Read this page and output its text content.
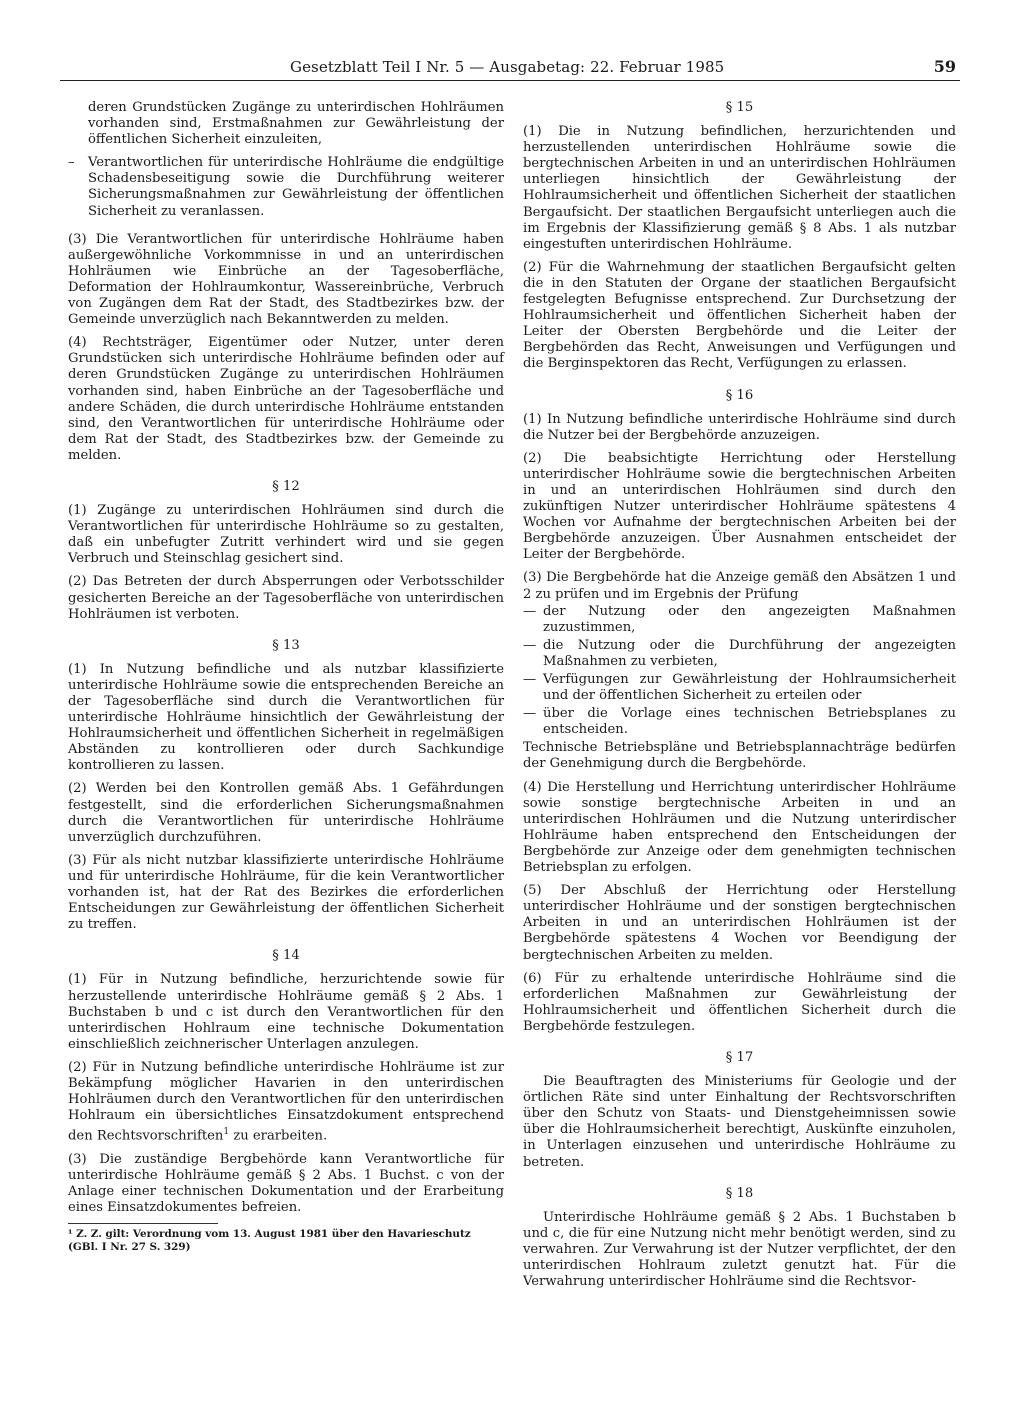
Gesetzblatt Teil I Nr. 5 — Ausgabetag: 22. Februar 1985	59
deren Grundstücken Zugänge zu unterirdischen Hohlräumen vorhanden sind, Erstmaßnahmen zur Gewährleistung der öffentlichen Sicherheit einzuleiten,
–	Verantwortlichen für unterirdische Hohlräume die endgültige Schadensbeseitigung sowie die Durchführung weiterer Sicherungsmaßnahmen zur Gewährleistung der öffentlichen Sicherheit zu veranlassen.
(3) Die Verantwortlichen für unterirdische Hohlräume haben außergewöhnliche Vorkommnisse in und an unterirdischen Hohlräumen wie Einbrüche an der Tagesoberfläche, Deformation der Hohlraumkontur, Wassereinbrüche, Verbruch von Zugängen dem Rat der Stadt, des Stadtbezirkes bzw. der Gemeinde unverzüglich nach Bekanntwerden zu melden.
(4) Rechtsträger, Eigentümer oder Nutzer, unter deren Grundstücken sich unterirdische Hohlräume befinden oder auf deren Grundstücken Zugänge zu unterirdischen Hohlräumen vorhanden sind, haben Einbrüche an der Tagesoberfläche und andere Schäden, die durch unterirdische Hohlräume entstanden sind, den Verantwortlichen für unterirdische Hohlräume oder dem Rat der Stadt, des Stadtbezirkes bzw. der Gemeinde zu melden.
§ 12
(1) Zugänge zu unterirdischen Hohlräumen sind durch die Verantwortlichen für unterirdische Hohlräume so zu gestalten, daß ein unbefugter Zutritt verhindert wird und sie gegen Verbruch und Steinschlag gesichert sind.
(2) Das Betreten der durch Absperrungen oder Verbotsschilder gesicherten Bereiche an der Tagesoberfläche von unterirdischen Hohlräumen ist verboten.
§ 13
(1) In Nutzung befindliche und als nutzbar klassifizierte unterirdische Hohlräume sowie die entsprechenden Bereiche an der Tagesoberfläche sind durch die Verantwortlichen für unterirdische Hohlräume hinsichtlich der Gewährleistung der Hohlraumsicherheit und öffentlichen Sicherheit in regelmäßigen Abständen zu kontrollieren oder durch Sachkundige kontrollieren zu lassen.
(2) Werden bei den Kontrollen gemäß Abs. 1 Gefährdungen festgestellt, sind die erforderlichen Sicherungsmaßnahmen durch die Verantwortlichen für unterirdische Hohlräume unverzüglich durchzuführen.
(3) Für als nicht nutzbar klassifizierte unterirdische Hohlräume und für unterirdische Hohlräume, für die kein Verantwortlicher vorhanden ist, hat der Rat des Bezirkes die erforderlichen Entscheidungen zur Gewährleistung der öffentlichen Sicherheit zu treffen.
§ 14
(1) Für in Nutzung befindliche, herzurichtende sowie für herzustellende unterirdische Hohlräume gemäß § 2 Abs. 1 Buchstaben b und c ist durch den Verantwortlichen für den unterirdischen Hohlraum eine technische Dokumentation einschließlich zeichnerischer Unterlagen anzulegen.
(2) Für in Nutzung befindliche unterirdische Hohlräume ist zur Bekämpfung möglicher Havarien in den unterirdischen Hohlräumen durch den Verantwortlichen für den unterirdischen Hohlraum ein übersichtliches Einsatzdokument entsprechend den Rechtsvorschriften$^1$ zu erarbeiten.
(3) Die zuständige Bergbehörde kann Verantwortliche für unterirdische Hohlräume gemäß § 2 Abs. 1 Buchst. c von der Anlage einer technischen Dokumentation und der Erarbeitung eines Einsatzdokumentes befreien.
¹ Z. Z. gilt: Verordnung vom 13. August 1981 über den Havarieschutz (GBl. I Nr. 27 S. 329)
§ 15
(1) Die in Nutzung befindlichen, herzurichtenden und herzustellenden unterirdischen Hohlräume sowie die bergtechnischen Arbeiten in und an unterirdischen Hohlräumen unterliegen hinsichtlich der Gewährleistung der Hohlraumsicherheit und öffentlichen Sicherheit der staatlichen Bergaufsicht. Der staatlichen Bergaufsicht unterliegen auch die im Ergebnis der Klassifizierung gemäß § 8 Abs. 1 als nutzbar eingestuften unterirdischen Hohlräume.
(2) Für die Wahrnehmung der staatlichen Bergaufsicht gelten die in den Statuten der Organe der staatlichen Bergaufsicht festgelegten Befugnisse entsprechend. Zur Durchsetzung der Hohlraumsicherheit und öffentlichen Sicherheit haben der Leiter der Obersten Bergbehörde und die Leiter der Bergbehörden das Recht, Anweisungen und Verfügungen und die Berginspektoren das Recht, Verfügungen zu erlassen.
§ 16
(1) In Nutzung befindliche unterirdische Hohlräume sind durch die Nutzer bei der Bergbehörde anzuzeigen.
(2) Die beabsichtigte Herrichtung oder Herstellung unterirdischer Hohlräume sowie die bergtechnischen Arbeiten in und an unterirdischen Hohlräumen sind durch den zukünftigen Nutzer unterirdischer Hohlräume spätestens 4 Wochen vor Aufnahme der bergtechnischen Arbeiten bei der Bergbehörde anzuzeigen. Über Ausnahmen entscheidet der Leiter der Bergbehörde.
(3) Die Bergbehörde hat die Anzeige gemäß den Absätzen 1 und 2 zu prüfen und im Ergebnis der Prüfung
— der Nutzung oder den angezeigten Maßnahmen zuzustimmen,
— die Nutzung oder die Durchführung der angezeigten Maßnahmen zu verbieten,
— Verfügungen zur Gewährleistung der Hohlraumsicherheit und der öffentlichen Sicherheit zu erteilen oder
— über die Vorlage eines technischen Betriebsplanes zu entscheiden.
Technische Betriebspläne und Betriebsplannachträge bedürfen der Genehmigung durch die Bergbehörde.
(4) Die Herstellung und Herrichtung unterirdischer Hohlräume sowie sonstige bergtechnische Arbeiten in und an unterirdischen Hohlräumen und die Nutzung unterirdischer Hohlräume haben entsprechend den Entscheidungen der Bergbehörde zur Anzeige oder dem genehmigten technischen Betriebsplan zu erfolgen.
(5) Der Abschluß der Herrichtung oder Herstellung unterirdischer Hohlräume und der sonstigen bergtechnischen Arbeiten in und an unterirdischen Hohlräumen ist der Bergbehörde spätestens 4 Wochen vor Beendigung der bergtechnischen Arbeiten zu melden.
(6) Für zu erhaltende unterirdische Hohlräume sind die erforderlichen Maßnahmen zur Gewährleistung der Hohlraumsicherheit und öffentlichen Sicherheit durch die Bergbehörde festzulegen.
§ 17
Die Beauftragten des Ministeriums für Geologie und der örtlichen Räte sind unter Einhaltung der Rechtsvorschriften über den Schutz von Staats- und Dienstgeheimnissen sowie über die Hohlraumsicherheit berechtigt, Auskünfte einzuholen, in Unterlagen einzusehen und unterirdische Hohlräume zu betreten.
§ 18
Unterirdische Hohlräume gemäß § 2 Abs. 1 Buchstaben b und c, die für eine Nutzung nicht mehr benötigt werden, sind zu verwahren. Zur Verwahrung ist der Nutzer verpflichtet, der den unterirdischen Hohlraum zuletzt genutzt hat. Für die Verwahrung unterirdischer Hohlräume sind die Rechtsvor-
